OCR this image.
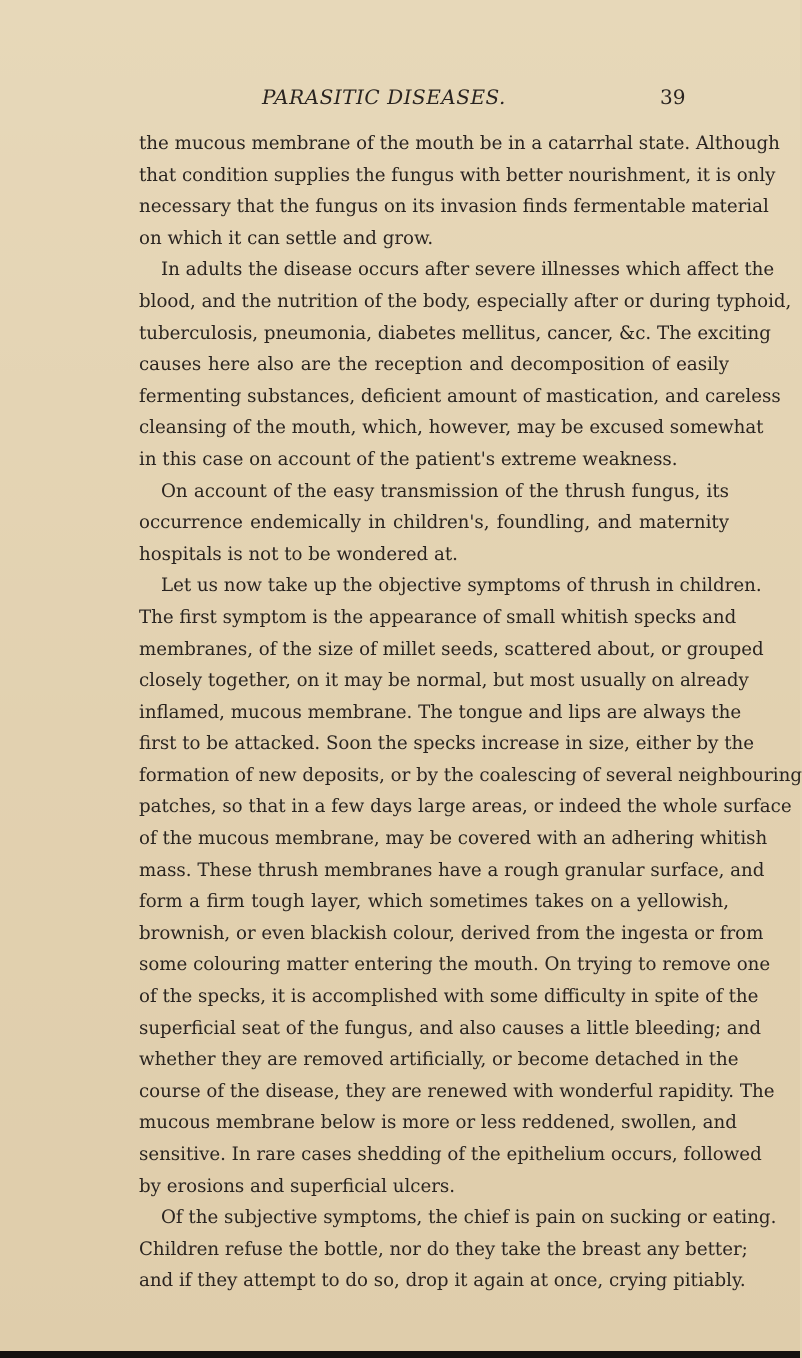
PARASITIC DISEASES.	39
the mucous membrane of the mouth be in a catarrhal state. Although
that condition supplies the fungus with better nourishment, it is only
necessary that the fungus on its invasion finds fermentable material
on which it can settle and grow.
In adults the disease occurs after severe illnesses which affect the
blood, and the nutrition of the body, especially after or during typhoid,
tuberculosis, pneumonia, diabetes mellitus, cancer, &c. The exciting
causes here also are the reception and decomposition of easily
fermenting substances, deficient amount of mastication, and careless
cleansing of the mouth, which, however, may be excused somewhat
in this case on account of the patient's extreme weakness.
On account of the easy transmission of the thrush fungus, its
occurrence endemically in children's, foundling, and maternity
hospitals is not to be wondered at.
Let us now take up the objective symptoms of thrush in children.
The first symptom is the appearance of small whitish specks and
membranes, of the size of millet seeds, scattered about, or grouped
closely together, on it may be normal, but most usually on already
inflamed, mucous membrane. The tongue and lips are always the
first to be attacked. Soon the specks increase in size, either by the
formation of new deposits, or by the coalescing of several neighbouring
patches, so that in a few days large areas, or indeed the whole surface
of the mucous membrane, may be covered with an adhering whitish
mass. These thrush membranes have a rough granular surface, and
form a firm tough layer, which sometimes takes on a yellowish,
brownish, or even blackish colour, derived from the ingesta or from
some colouring matter entering the mouth. On trying to remove one
of the specks, it is accomplished with some difficulty in spite of the
superficial seat of the fungus, and also causes a little bleeding; and
whether they are removed artificially, or become detached in the
course of the disease, they are renewed with wonderful rapidity. The
mucous membrane below is more or less reddened, swollen, and
sensitive. In rare cases shedding of the epithelium occurs, followed
by erosions and superficial ulcers.
Of the subjective symptoms, the chief is pain on sucking or eating.
Children refuse the bottle, nor do they take the breast any better;
and if they attempt to do so, drop it again at once, crying pitiably.
